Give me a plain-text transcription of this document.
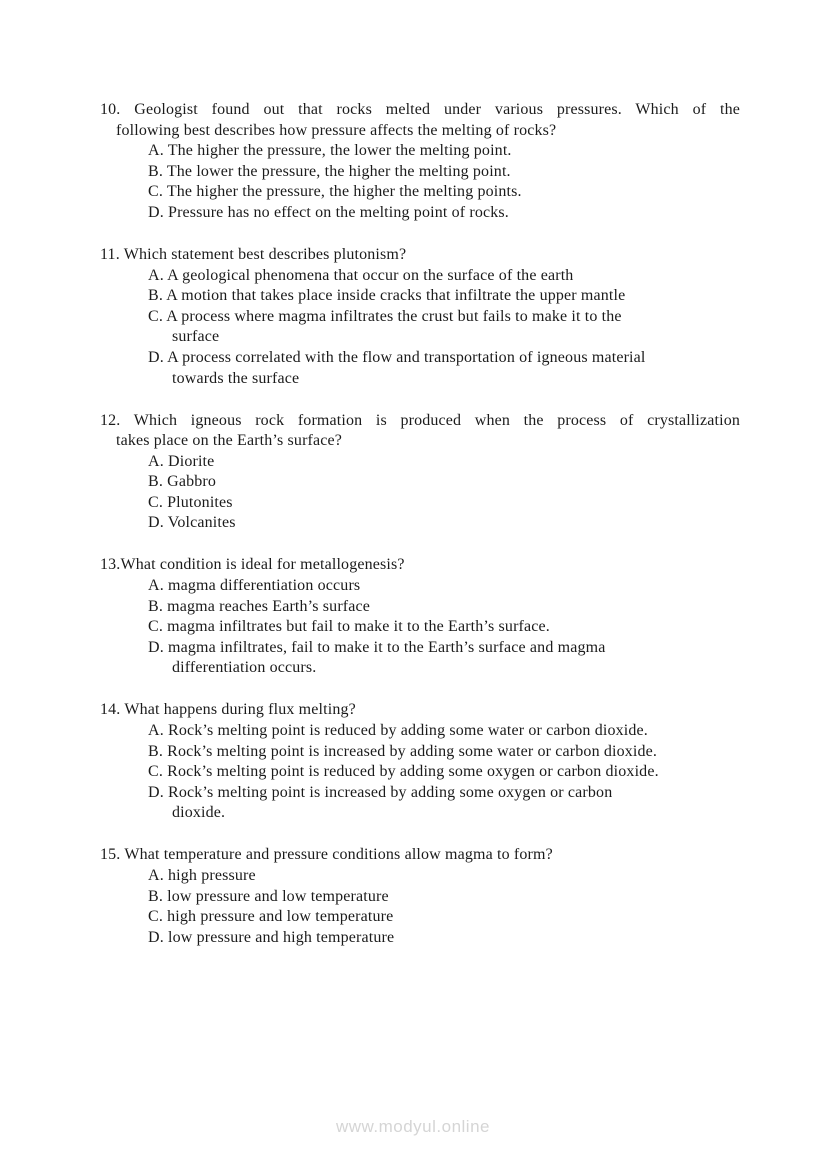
10. Geologist found out that rocks melted under various pressures. Which of the
following best describes how pressure affects the melting of rocks?
A. The higher the pressure, the lower the melting point.
B. The lower the pressure, the higher the melting point.
C. The higher the pressure, the higher the melting points.
D. Pressure has no effect on the melting point of rocks.
11. Which statement best describes plutonism?
A. A geological phenomena that occur on the surface of the earth
B. A motion that takes place inside cracks that infiltrate the upper mantle
C. A process where magma infiltrates the crust but fails to make it to the
surface
D. A process correlated with the flow and transportation of igneous material
towards the surface
12. Which igneous rock formation is produced when the process of crystallization
takes place on the Earth’s surface?
A. Diorite
B. Gabbro
C. Plutonites
D. Volcanites
13.What condition is ideal for metallogenesis?
A. magma differentiation occurs
B. magma reaches Earth’s surface
C. magma infiltrates but fail to make it to the Earth’s surface.
D. magma infiltrates, fail to make it to the Earth’s surface and magma
differentiation occurs.
14. What happens during flux melting?
A. Rock’s melting point is reduced by adding some water or carbon dioxide.
B. Rock’s melting point is increased by adding some water or carbon dioxide.
C. Rock’s melting point is reduced by adding some oxygen or carbon dioxide.
D. Rock’s melting point is increased by adding some oxygen or carbon
dioxide.
15. What temperature and pressure conditions allow magma to form?
A. high pressure
B. low pressure and low temperature
C. high pressure and low temperature
D. low pressure and high temperature
www.modyul.online
